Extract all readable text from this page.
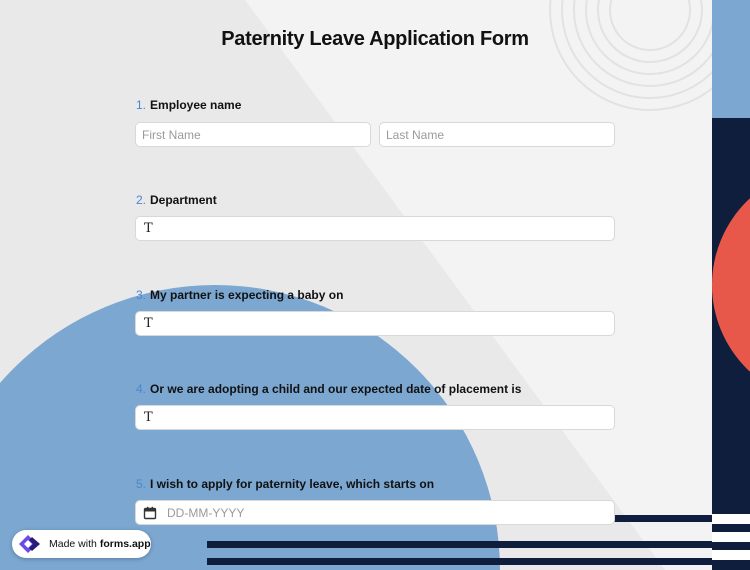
Paternity Leave Application Form
1. Employee name
First Name	Last Name
2. Department
T
3. My partner is expecting a baby on
T
4. Or we are adopting a child and our expected date of placement is
T
5. I wish to apply for paternity leave, which starts on
DD-MM-YYYY
Made with forms.app
